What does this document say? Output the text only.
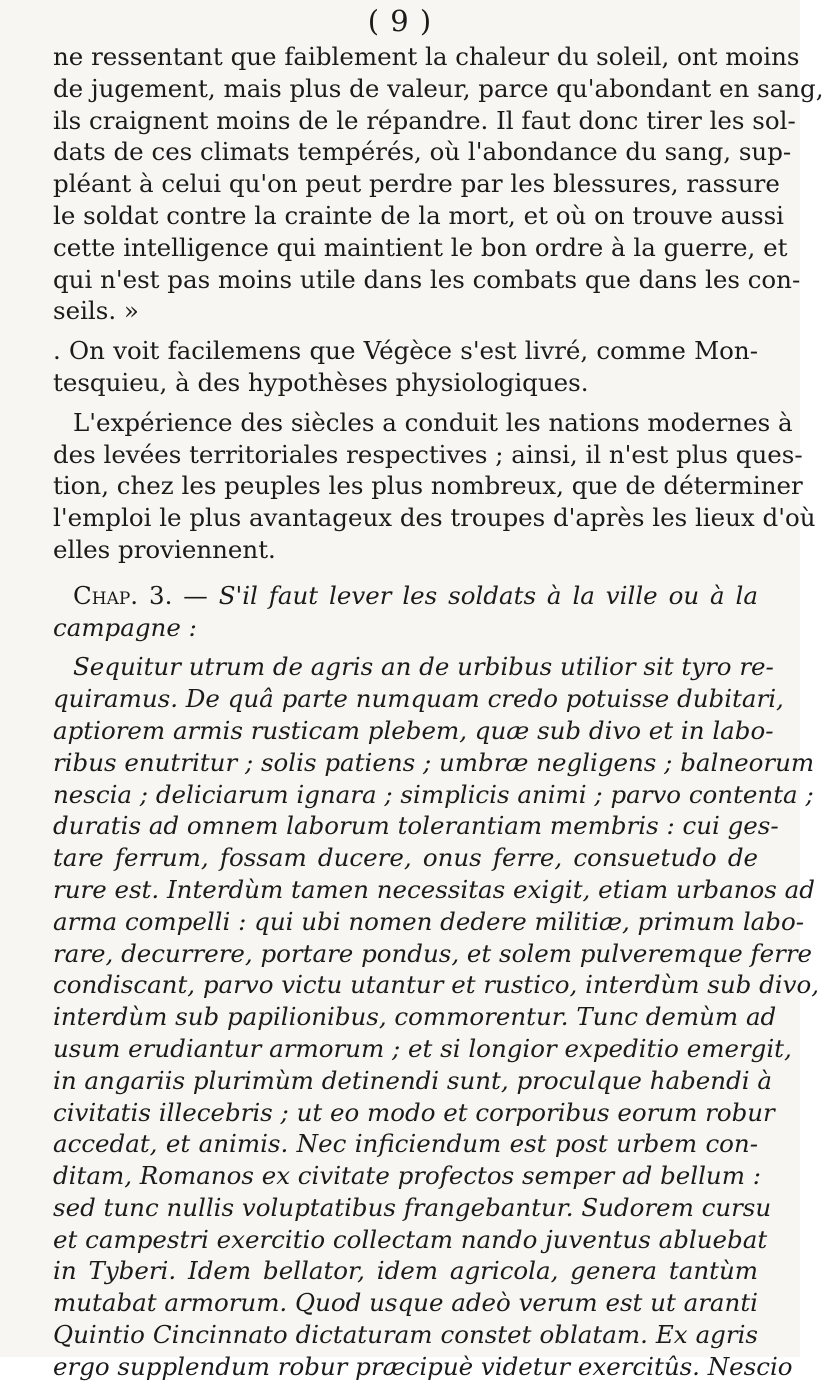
( 9 )
ne ressentant que faiblement la chaleur du soleil, ont moins
de jugement, mais plus de valeur, parce qu'abondant en sang,
ils craignent moins de le répandre. Il faut donc tirer les sol-
dats de ces climats tempérés, où l'abondance du sang, sup-
pléant à celui qu'on peut perdre par les blessures, rassure
le soldat contre la crainte de la mort, et où on trouve aussi
cette intelligence qui maintient le bon ordre à la guerre, et
qui n'est pas moins utile dans les combats que dans les con-
seils. »
. On voit facilemens que Végèce s'est livré, comme Mon-
tesquieu, à des hypothèses physiologiques.
L'expérience des siècles a conduit les nations modernes à
des levées territoriales respectives ; ainsi, il n'est plus ques-
tion, chez les peuples les plus nombreux, que de déterminer
l'emploi le plus avantageux des troupes d'après les lieux d'où
elles proviennent.
Chap. 3. — S'il faut lever les soldats à la ville ou à la
campagne :
Sequitur utrum de agris an de urbibus utilior sit tyro re-
quiramus. De quâ parte numquam credo potuisse dubitari,
aptiorem armis rusticam plebem, quæ sub divo et in labo-
ribus enutritur ; solis patiens ; umbræ negligens ; balneorum
nescia ; deliciarum ignara ; simplicis animi ; parvo contenta ;
duratis ad omnem laborum tolerantiam membris : cui ges-
tare ferrum, fossam ducere, onus ferre, consuetudo de
rure est. Interdùm tamen necessitas exigit, etiam urbanos ad
arma compelli : qui ubi nomen dedere militiæ, primum labo-
rare, decurrere, portare pondus, et solem pulveremque ferre
condiscant, parvo victu utantur et rustico, interdùm sub divo,
interdùm sub papilionibus, commorentur. Tunc demùm ad
usum erudiantur armorum ; et si longior expeditio emergit,
in angariis plurimùm detinendi sunt, proculque habendi à
civitatis illecebris ; ut eo modo et corporibus eorum robur
accedat, et animis. Nec inficiendum est post urbem con-
ditam, Romanos ex civitate profectos semper ad bellum :
sed tunc nullis voluptatibus frangebantur. Sudorem cursu
et campestri exercitio collectam nando juventus abluebat
in Tyberi. Idem bellator, idem agricola, genera tantùm
mutabat armorum. Quod usque adeò verum est ut aranti
Quintio Cincinnato dictaturam constet oblatam. Ex agris
ergo supplendum robur præcipuè videtur exercitûs. Nescio
